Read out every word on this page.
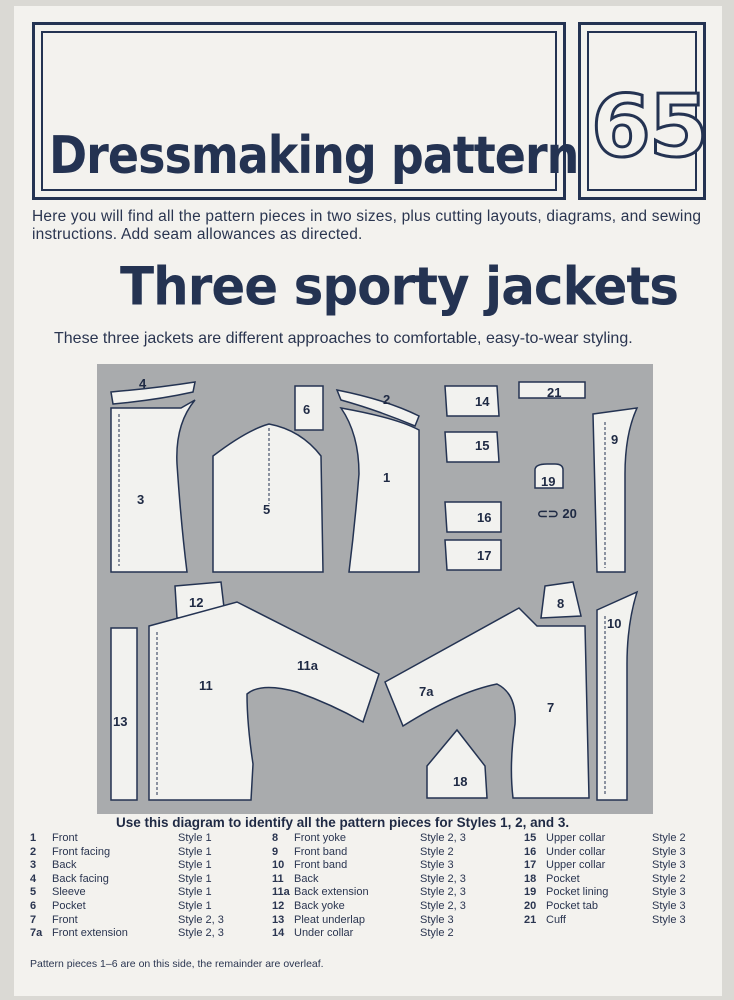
Dressmaking pattern 65
Here you will find all the pattern pieces in two sizes, plus cutting layouts, diagrams, and sewing instructions. Add seam allowances as directed.
Three sporty jackets
These three jackets are different approaches to comfortable, easy-to-wear styling.
4
3
5
6
2
1
14
15
16
17
21
19
⊂⊃ 20
9
12
13
11
11a
7a
7
8
10
18
Use this diagram to identify all the pattern pieces for Styles 1, 2, and 3.
1	Front	Style 1
2	Front facing	Style 1
3	Back	Style 1
4	Back facing	Style 1
5	Sleeve	Style 1
6	Pocket	Style 1
7	Front	Style 2, 3
7a	Front extension	Style 2, 3
8	Front yoke	Style 2, 3
9	Front band	Style 2
10	Front band	Style 3
11	Back	Style 2, 3
11a	Back extension	Style 2, 3
12	Back yoke	Style 2, 3
13	Pleat underlap	Style 3
14	Under collar	Style 2
15	Upper collar	Style 2
16	Under collar	Style 3
17	Upper collar	Style 3
18	Pocket	Style 2
19	Pocket lining	Style 3
20	Pocket tab	Style 3
21	Cuff	Style 3
Pattern pieces 1–6 are on this side, the remainder are overleaf.
